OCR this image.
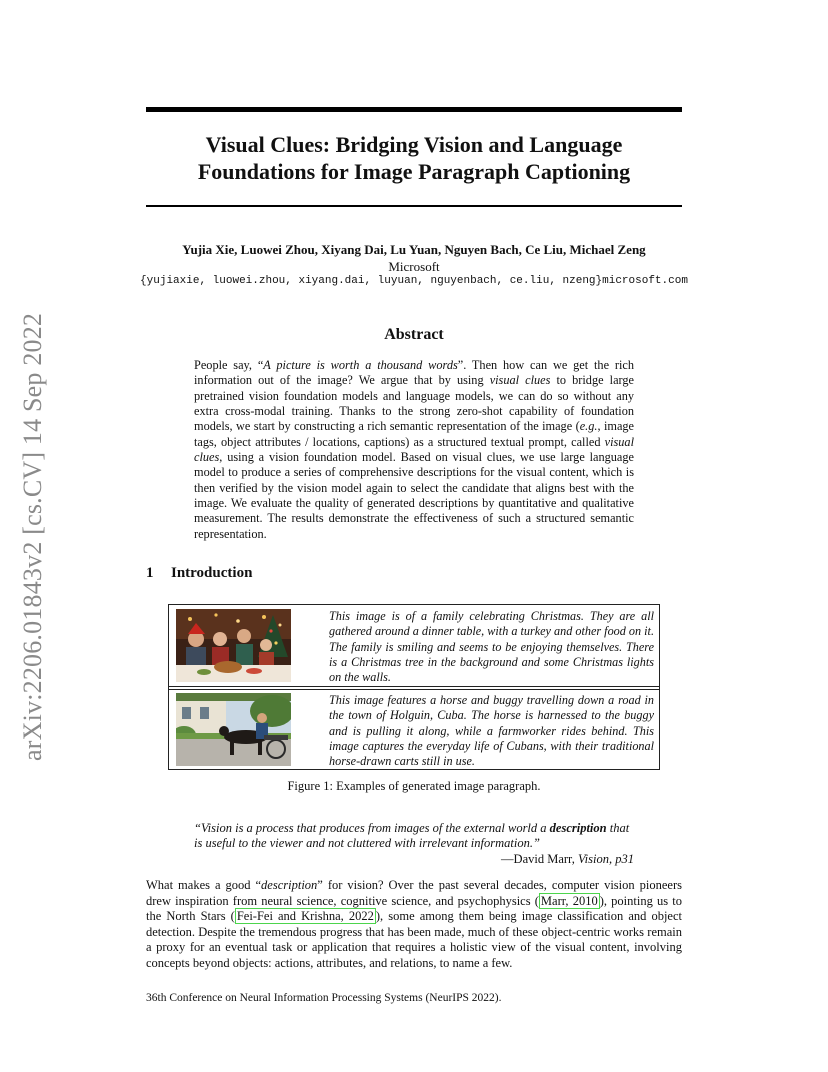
arXiv:2206.01843v2 [cs.CV] 14 Sep 2022
Visual Clues: Bridging Vision and Language
Foundations for Image Paragraph Captioning
Yujia Xie, Luowei Zhou, Xiyang Dai, Lu Yuan, Nguyen Bach, Ce Liu, Michael Zeng
Microsoft
{yujiaxie, luowei.zhou, xiyang.dai, luyuan, nguyenbach, ce.liu, nzeng}microsoft.com
Abstract
People say, “A picture is worth a thousand words”. Then how can we get the rich information out of the image? We argue that by using visual clues to bridge large pretrained vision foundation models and language models, we can do so without any extra cross-modal training. Thanks to the strong zero-shot capability of foundation models, we start by constructing a rich semantic representation of the image (e.g., image tags, object attributes / locations, captions) as a structured textual prompt, called visual clues, using a vision foundation model. Based on visual clues, we use large language model to produce a series of comprehensive descriptions for the visual content, which is then verified by the vision model again to select the candidate that aligns best with the image. We evaluate the quality of generated descriptions by quantitative and qualitative measurement. The results demonstrate the effectiveness of such a structured semantic representation.
1 Introduction
This image is of a family celebrating Christmas. They are all gathered around a dinner table, with a turkey and other food on it. The family is smiling and seems to be enjoying themselves. There is a Christmas tree in the background and some Christmas lights on the walls.
This image features a horse and buggy travelling down a road in the town of Holguin, Cuba. The horse is harnessed to the buggy and is pulling it along, while a farmworker rides behind. This image captures the everyday life of Cubans, with their traditional horse-drawn carts still in use.
Figure 1: Examples of generated image paragraph.
“Vision is a process that produces from images of the external world a description that is useful to the viewer and not cluttered with irrelevant information.”
—David Marr, Vision, p31
What makes a good “description” for vision? Over the past several decades, computer vision pioneers drew inspiration from neural science, cognitive science, and psychophysics ( Marr, 2010 ), pointing us to the North Stars ( Fei-Fei and Krishna, 2022 ), some among them being image classification and object detection. Despite the tremendous progress that has been made, much of these object-centric works remain a proxy for an eventual task or application that requires a holistic view of the visual content, involving concepts beyond objects: actions, attributes, and relations, to name a few.
36th Conference on Neural Information Processing Systems (NeurIPS 2022).
